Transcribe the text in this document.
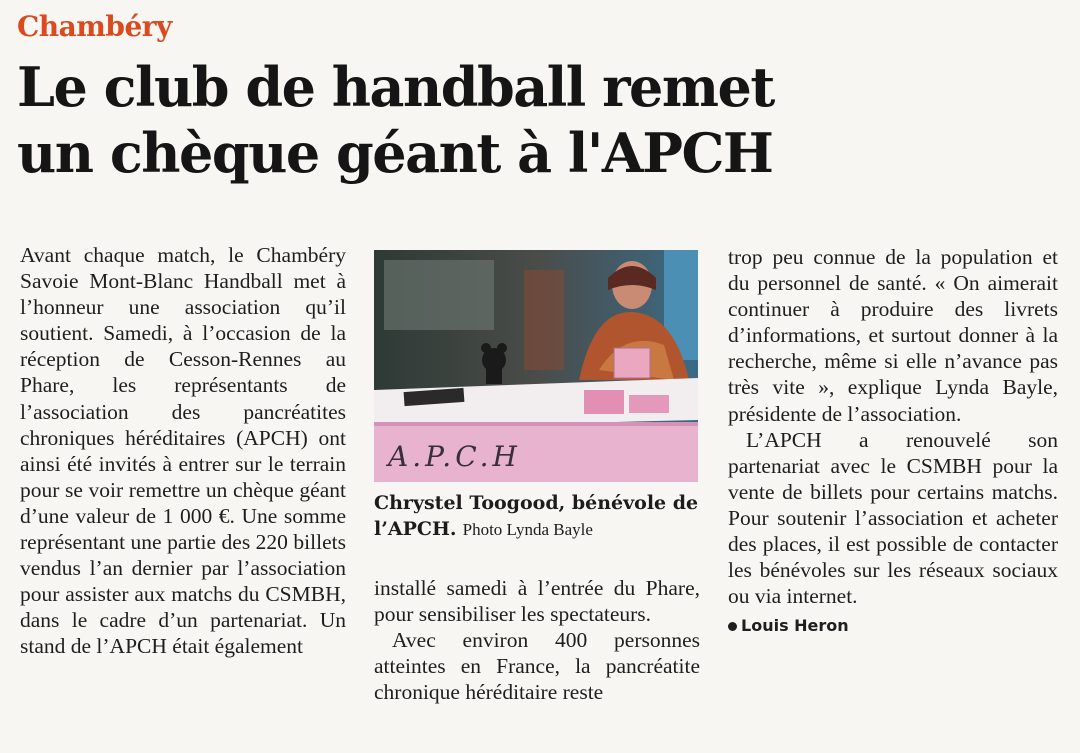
Chambéry
Le club de handball remet
un chèque géant à l'APCH

Avant chaque match, le Chambéry Savoie Mont-Blanc Handball met à l’honneur une association qu’il soutient. Samedi, à l’occasion de la réception de Cesson-Rennes au Phare, les représentants de l’association des pancréatites chroniques héréditaires (APCH) ont ainsi été invités à entrer sur le terrain pour se voir remettre un chèque géant d’une valeur de 1 000 €. Une somme représentant une partie des 220 billets vendus l’an dernier par l’association pour assister aux matchs du CSMBH, dans le cadre d’un partenariat. Un stand de l’APCH était également

A.P.C.H
Chrystel Toogood, bénévole de l’APCH. Photo Lynda Bayle

installé samedi à l’entrée du Phare, pour sensibiliser les spectateurs.

Avec environ 400 personnes atteintes en France, la pancréatite chronique héréditaire reste

trop peu connue de la population et du personnel de santé. « On aimerait continuer à produire des livrets d’informations, et surtout donner à la recherche, même si elle n’avance pas très vite », explique Lynda Bayle, présidente de l’association.

L’APCH a renouvelé son partenariat avec le CSMBH pour la vente de billets pour certains matchs. Pour soutenir l’association et acheter des places, il est possible de contacter les bénévoles sur les réseaux sociaux ou via internet.

Louis Heron
